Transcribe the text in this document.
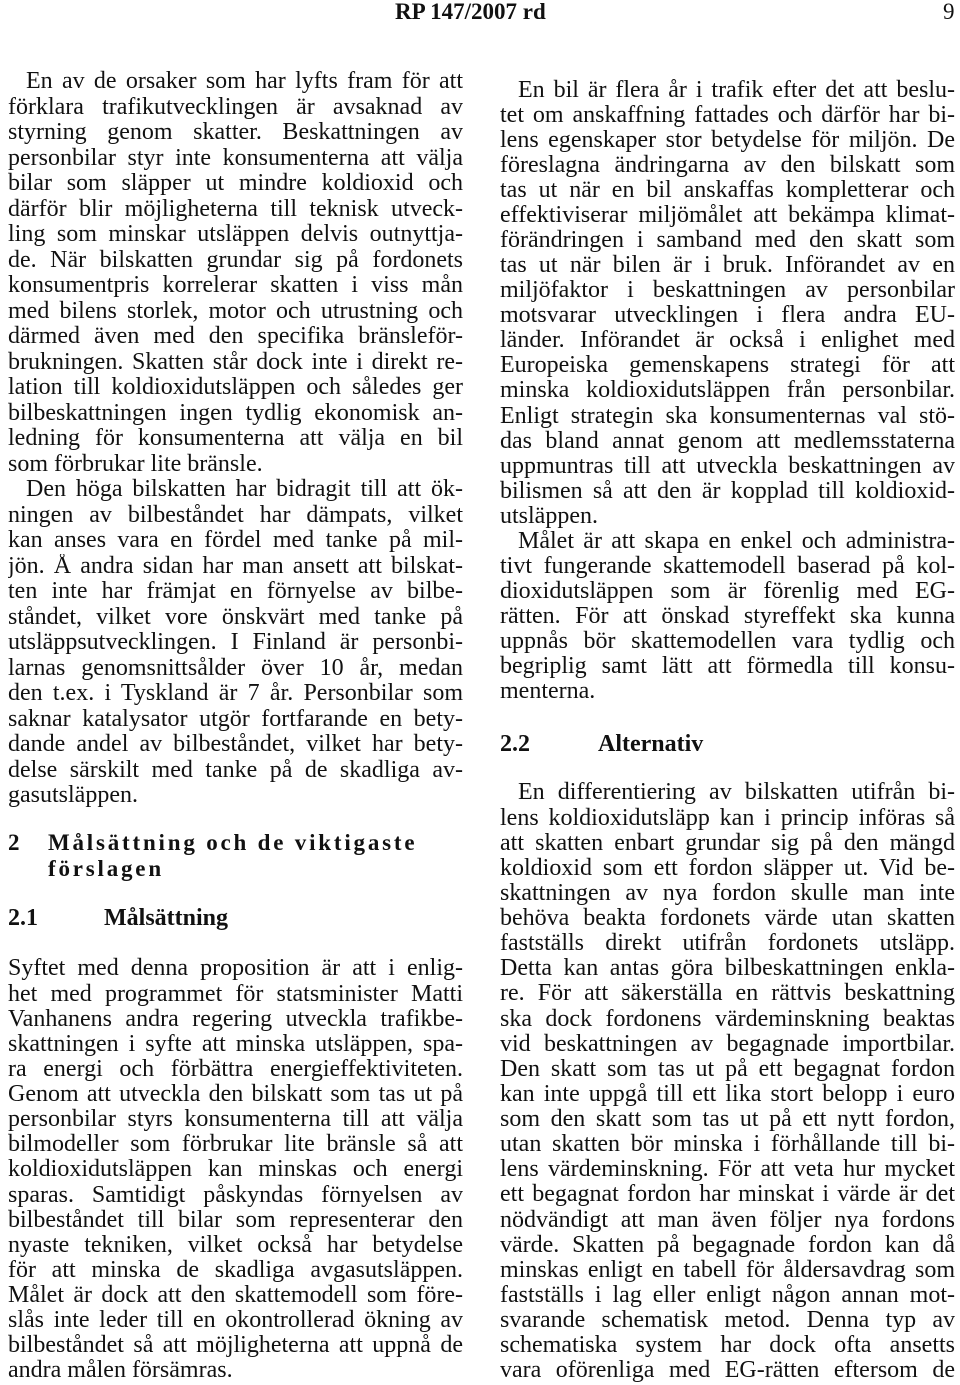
RP 147/2007 rd	9
En av de orsaker som har lyfts fram för att
förklara trafikutvecklingen är avsaknad av
styrning genom skatter. Beskattningen av
personbilar styr inte konsumenterna att välja
bilar som släpper ut mindre koldioxid och
därför blir möjligheterna till teknisk utveck-
ling som minskar utsläppen delvis outnyttja-
de. När bilskatten grundar sig på fordonets
konsumentpris korrelerar skatten i viss mån
med bilens storlek, motor och utrustning och
därmed även med den specifika bränsleför-
brukningen. Skatten står dock inte i direkt re-
lation till koldioxidutsläppen och således ger
bilbeskattningen ingen tydlig ekonomisk an-
ledning för konsumenterna att välja en bil
som förbrukar lite bränsle.
Den höga bilskatten har bidragit till att ök-
ningen av bilbeståndet har dämpats, vilket
kan anses vara en fördel med tanke på mil-
jön. Å andra sidan har man ansett att bilskat-
ten inte har främjat en förnyelse av bilbe-
ståndet, vilket vore önskvärt med tanke på
utsläppsutvecklingen. I Finland är personbi-
larnas genomsnittsålder över 10 år, medan
den t.ex. i Tyskland är 7 år. Personbilar som
saknar katalysator utgör fortfarande en bety-
dande andel av bilbeståndet, vilket har bety-
delse särskilt med tanke på de skadliga av-
gasutsläppen.
2 Målsättning och de viktigaste
förslagen
2.1	Målsättning
Syftet med denna proposition är att i enlig-
het med programmet för statsminister Matti
Vanhanens andra regering utveckla trafikbe-
skattningen i syfte att minska utsläppen, spa-
ra energi och förbättra energieffektiviteten.
Genom att utveckla den bilskatt som tas ut på
personbilar styrs konsumenterna till att välja
bilmodeller som förbrukar lite bränsle så att
koldioxidutsläppen kan minskas och energi
sparas. Samtidigt påskyndas förnyelsen av
bilbeståndet till bilar som representerar den
nyaste tekniken, vilket också har betydelse
för att minska de skadliga avgasutsläppen.
Målet är dock att den skattemodell som före-
slås inte leder till en okontrollerad ökning av
bilbeståndet så att möjligheterna att uppnå de
andra målen försämras.
En bil är flera år i trafik efter det att beslu-
tet om anskaffning fattades och därför har bi-
lens egenskaper stor betydelse för miljön. De
föreslagna ändringarna av den bilskatt som
tas ut när en bil anskaffas kompletterar och
effektiviserar miljömålet att bekämpa klimat-
förändringen i samband med den skatt som
tas ut när bilen är i bruk. Införandet av en
miljöfaktor i beskattningen av personbilar
motsvarar utvecklingen i flera andra EU-
länder. Införandet är också i enlighet med
Europeiska gemenskapens strategi för att
minska koldioxidutsläppen från personbilar.
Enligt strategin ska konsumenternas val stö-
das bland annat genom att medlemsstaterna
uppmuntras till att utveckla beskattningen av
bilismen så att den är kopplad till koldioxid-
utsläppen.
Målet är att skapa en enkel och administra-
tivt fungerande skattemodell baserad på kol-
dioxidutsläppen som är förenlig med EG-
rätten. För att önskad styreffekt ska kunna
uppnås bör skattemodellen vara tydlig och
begriplig samt lätt att förmedla till konsu-
menterna.
2.2	Alternativ
En differentiering av bilskatten utifrån bi-
lens koldioxidutsläpp kan i princip införas så
att skatten enbart grundar sig på den mängd
koldioxid som ett fordon släpper ut. Vid be-
skattningen av nya fordon skulle man inte
behöva beakta fordonets värde utan skatten
fastställs direkt utifrån fordonets utsläpp.
Detta kan antas göra bilbeskattningen enkla-
re. För att säkerställa en rättvis beskattning
ska dock fordonens värdeminskning beaktas
vid beskattningen av begagnade importbilar.
Den skatt som tas ut på ett begagnat fordon
kan inte uppgå till ett lika stort belopp i euro
som den skatt som tas ut på ett nytt fordon,
utan skatten bör minska i förhållande till bi-
lens värdeminskning. För att veta hur mycket
ett begagnat fordon har minskat i värde är det
nödvändigt att man även följer nya fordons
värde. Skatten på begagnade fordon kan då
minskas enligt en tabell för åldersavdrag som
fastställs i lag eller enligt någon annan mot-
svarande schematisk metod. Denna typ av
schematiska system har dock ofta ansetts
vara oförenliga med EG-rätten eftersom de
